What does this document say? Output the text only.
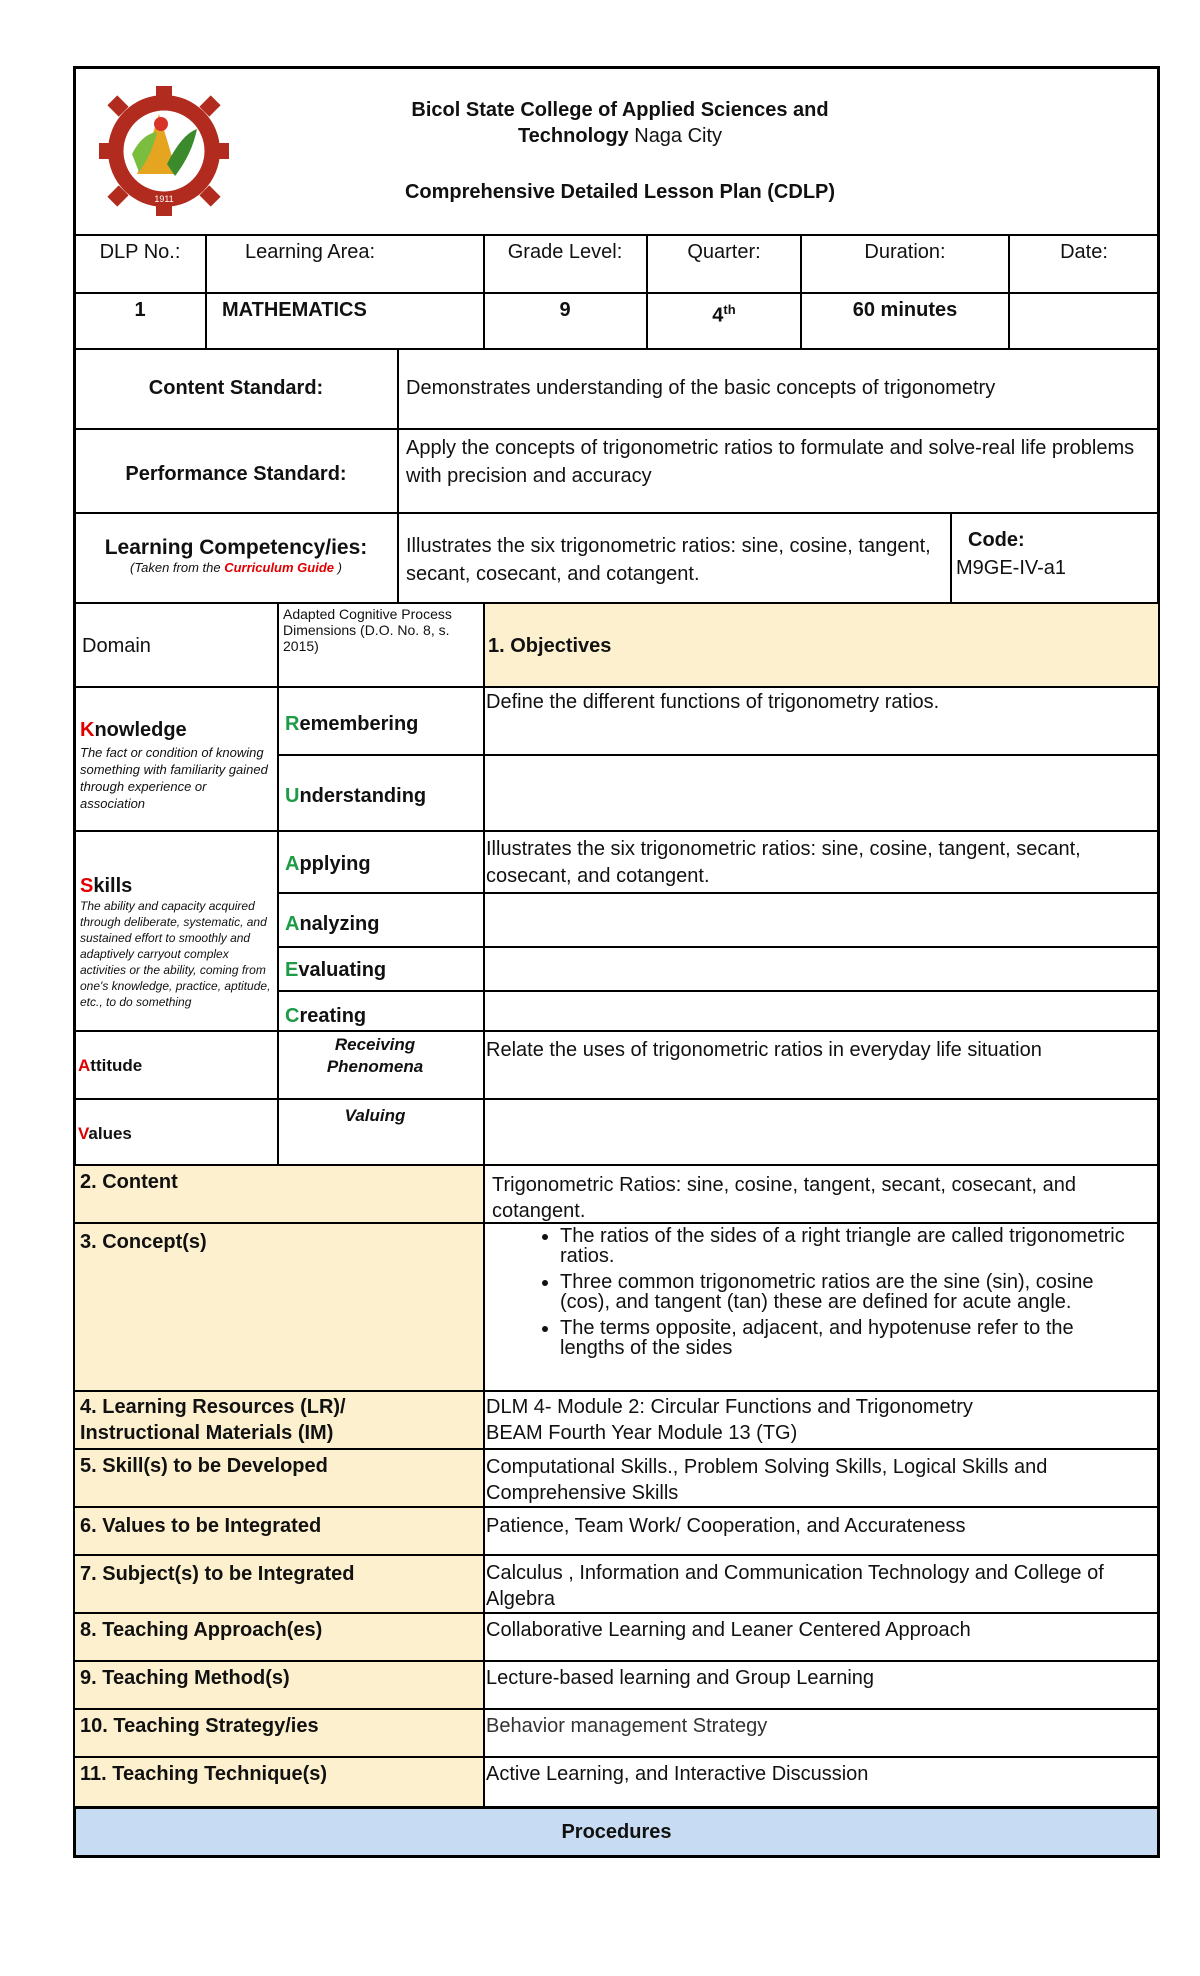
1911
Bicol State College of Applied Sciences and
Technology Naga City
Comprehensive Detailed Lesson Plan (CDLP)
DLP No.:	Learning Area:	Grade Level:	Quarter:	Duration:	Date:
1	MATHEMATICS	9	4th	60 minutes
Content Standard:	Demonstrates understanding of the basic concepts of trigonometry
Performance Standard:
Apply the concepts of trigonometric ratios to formulate and solve-real life problems with precision and accuracy
Learning Competency/ies:
(Taken from the Curriculum Guide )
Illustrates the six trigonometric ratios: sine, cosine, tangent, secant, cosecant, and cotangent.
Code:
M9GE-IV-a1
Domain
Adapted Cognitive Process Dimensions (D.O. No. 8, s. 2015)	1. Objectives
Knowledge
The fact or condition of knowing something with familiarity gained through experience or association
Remembering
Define the different functions of trigonometry ratios.
Understanding
Skills
The ability and capacity acquired through deliberate, systematic, and sustained effort to smoothly and adaptively carryout complex activities or the ability, coming from one's knowledge, practice, aptitude, etc., to do something
Applying
Illustrates the six trigonometric ratios: sine, cosine, tangent, secant, cosecant, and cotangent.
Analyzing
Evaluating
Creating
Attitude
Receiving Phenomena
Relate the uses of trigonometric ratios in everyday life situation
Values
Valuing
2. Content	Trigonometric Ratios: sine, cosine, tangent, secant, cosecant, and cotangent.
3. Concept(s)
•	The ratios of the sides of a right triangle are called trigonometric ratios.
• Three common trigonometric ratios are the sine (sin), cosine (cos), and tangent (tan) these are defined for acute angle.
• The terms opposite, adjacent, and hypotenuse refer to the lengths of the sides
4. Learning Resources (LR)/ Instructional Materials (IM)
DLM 4- Module 2: Circular Functions and Trigonometry
BEAM Fourth Year Module 13 (TG)
5. Skill(s) to be Developed	Computational Skills., Problem Solving Skills, Logical Skills and Comprehensive Skills
6. Values to be Integrated	Patience, Team Work/ Cooperation, and Accurateness
7. Subject(s) to be Integrated	Calculus , Information and Communication Technology and College of Algebra
8. Teaching Approach(es)	Collaborative Learning and Leaner Centered Approach
9. Teaching Method(s)	Lecture-based learning and Group Learning
10. Teaching Strategy/ies	Behavior management Strategy
11. Teaching Technique(s)	Active Learning, and Interactive Discussion
Procedures
